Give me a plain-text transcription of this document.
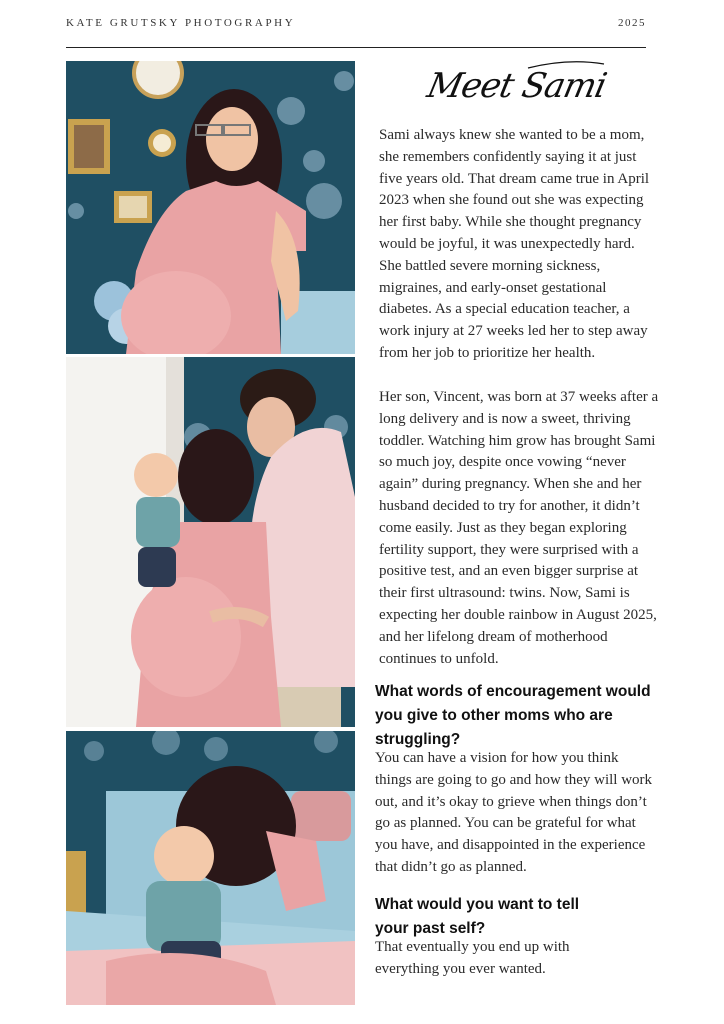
KATE GRUTSKY PHOTOGRAPHY	2025
Meet Sami

Sami always knew she wanted to be a mom, she remembers confidently saying it at just five years old. That dream came true in April 2023 when she found out she was expecting her first baby. While she thought pregnancy would be joyful, it was unexpectedly hard. She battled severe morning sickness, migraines, and early-onset gestational diabetes. As a special education teacher, a work injury at 27 weeks led her to step away from her job to prioritize her health.

Her son, Vincent, was born at 37 weeks after a long delivery and is now a sweet, thriving toddler. Watching him grow has brought Sami so much joy, despite once vowing “never again” during pregnancy. When she and her husband decided to try for another, it didn’t come easily. Just as they began exploring fertility support, they were surprised with a positive test, and an even bigger surprise at their first ultrasound: twins. Now, Sami is expecting her double rainbow in August 2025, and her lifelong dream of motherhood continues to unfold.

What words of encouragement would you give to other moms who are struggling?

You can have a vision for how you think things are going to go and how they will work out, and it’s okay to grieve when things don’t go as planned. You can be grateful for what you have, and disappointed in the experience that didn’t go as planned.

What would you want to tell your past self?

That eventually you end up with everything you ever wanted.
